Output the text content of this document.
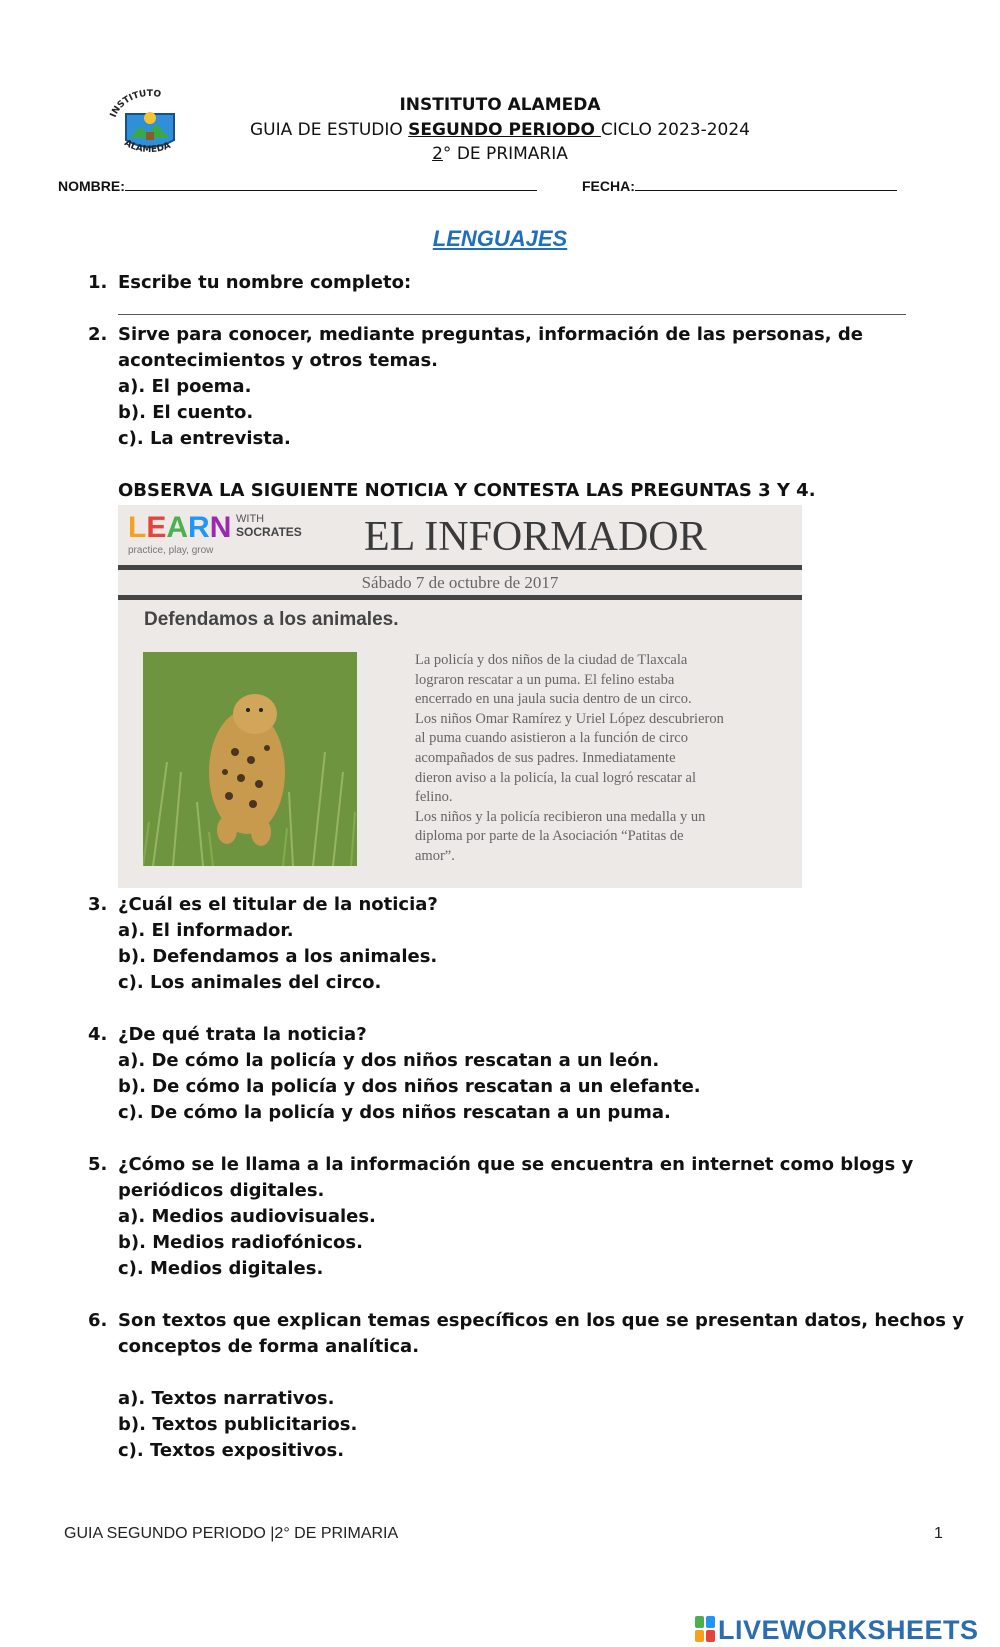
INSTITUTO
ALAMEDA
INSTITUTO ALAMEDA
GUIA DE ESTUDIO SEGUNDO PERIODO CICLO 2023-2024
2° DE PRIMARIA
NOMBRE:	FECHA:
LENGUAJES
1. Escribe tu nombre completo:
2. Sirve para conocer, mediante preguntas, información de las personas, de
acontecimientos y otros temas.
a). El poema.
b). El cuento.
c). La entrevista.
OBSERVA LA SIGUIENTE NOTICIA Y CONTESTA LAS PREGUNTAS 3 Y 4.
LEARN WITH
SOCRATES
practice, play, grow	EL INFORMADOR
Sábado 7 de octubre de 2017
Defendamos a los animales.
La policía y dos niños de la ciudad de Tlaxcala
lograron rescatar a un puma. El felino estaba
encerrado en una jaula sucia dentro de un circo.
Los niños Omar Ramírez y Uriel López descubrieron
al puma cuando asistieron a la función de circo
acompañados de sus padres. Inmediatamente
dieron aviso a la policía, la cual logró rescatar al
felino.
Los niños y la policía recibieron una medalla y un
diploma por parte de la Asociación “Patitas de
amor”.
3. ¿Cuál es el titular de la noticia?
a). El informador.
b). Defendamos a los animales.
c). Los animales del circo.
4. ¿De qué trata la noticia?
a). De cómo la policía y dos niños rescatan a un león.
b). De cómo la policía y dos niños rescatan a un elefante.
c). De cómo la policía y dos niños rescatan a un puma.
5. ¿Cómo se le llama a la información que se encuentra en internet como blogs y
periódicos digitales.
a). Medios audiovisuales.
b). Medios radiofónicos.
c). Medios digitales.
6. Son textos que explican temas específicos en los que se presentan datos, hechos y
conceptos de forma analítica.
a). Textos narrativos.
b). Textos publicitarios.
c). Textos expositivos.
GUIA SEGUNDO PERIODO |2° DE PRIMARIA	1
LIVEWORKSHEETS
